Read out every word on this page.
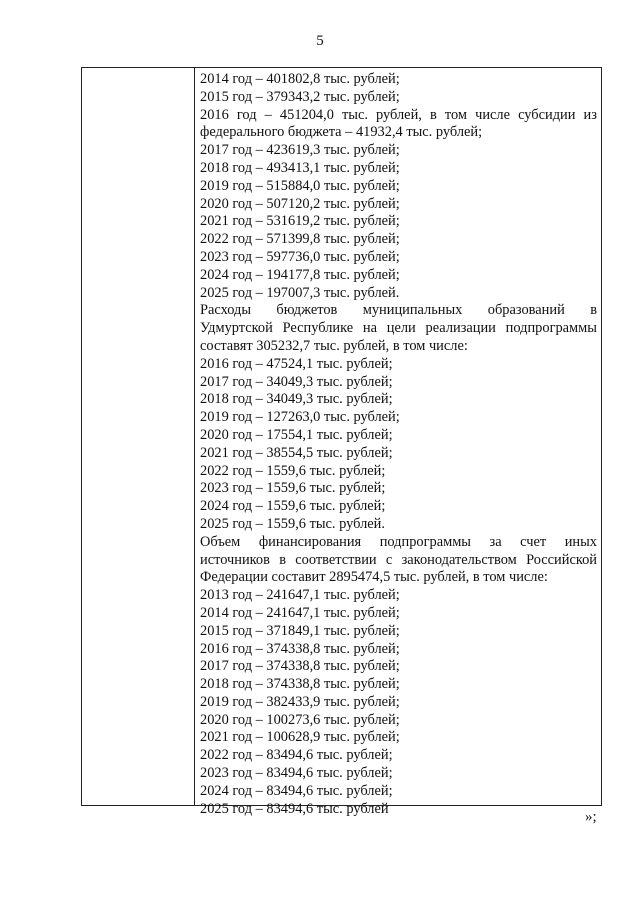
5
2014 год – 401802,8 тыс. рублей;
2015 год – 379343,2 тыс. рублей;
2016 год – 451204,0 тыс. рублей, в том числе субсидии из
федерального бюджета – 41932,4 тыс. рублей;
2017 год – 423619,3 тыс. рублей;
2018 год – 493413,1 тыс. рублей;
2019 год – 515884,0 тыс. рублей;
2020 год – 507120,2 тыс. рублей;
2021 год – 531619,2 тыс. рублей;
2022 год – 571399,8 тыс. рублей;
2023 год – 597736,0 тыс. рублей;
2024 год – 194177,8 тыс. рублей;
2025 год – 197007,3 тыс. рублей.
Расходы бюджетов муниципальных образований в
Удмуртской Республике на цели реализации подпрограммы
составят 305232,7 тыс. рублей, в том числе:
2016 год – 47524,1 тыс. рублей;
2017 год – 34049,3 тыс. рублей;
2018 год – 34049,3 тыс. рублей;
2019 год – 127263,0 тыс. рублей;
2020 год – 17554,1 тыс. рублей;
2021 год – 38554,5 тыс. рублей;
2022 год – 1559,6 тыс. рублей;
2023 год – 1559,6 тыс. рублей;
2024 год – 1559,6 тыс. рублей;
2025 год – 1559,6 тыс. рублей.
Объем финансирования подпрограммы за счет иных
источников в соответствии с законодательством Российской
Федерации составит 2895474,5 тыс. рублей, в том числе:
2013 год – 241647,1 тыс. рублей;
2014 год – 241647,1 тыс. рублей;
2015 год – 371849,1 тыс. рублей;
2016 год – 374338,8 тыс. рублей;
2017 год – 374338,8 тыс. рублей;
2018 год – 374338,8 тыс. рублей;
2019 год – 382433,9 тыс. рублей;
2020 год – 100273,6 тыс. рублей;
2021 год – 100628,9 тыс. рублей;
2022 год – 83494,6 тыс. рублей;
2023 год – 83494,6 тыс. рублей;
2024 год – 83494,6 тыс. рублей;
2025 год – 83494,6 тыс. рублей
»;
